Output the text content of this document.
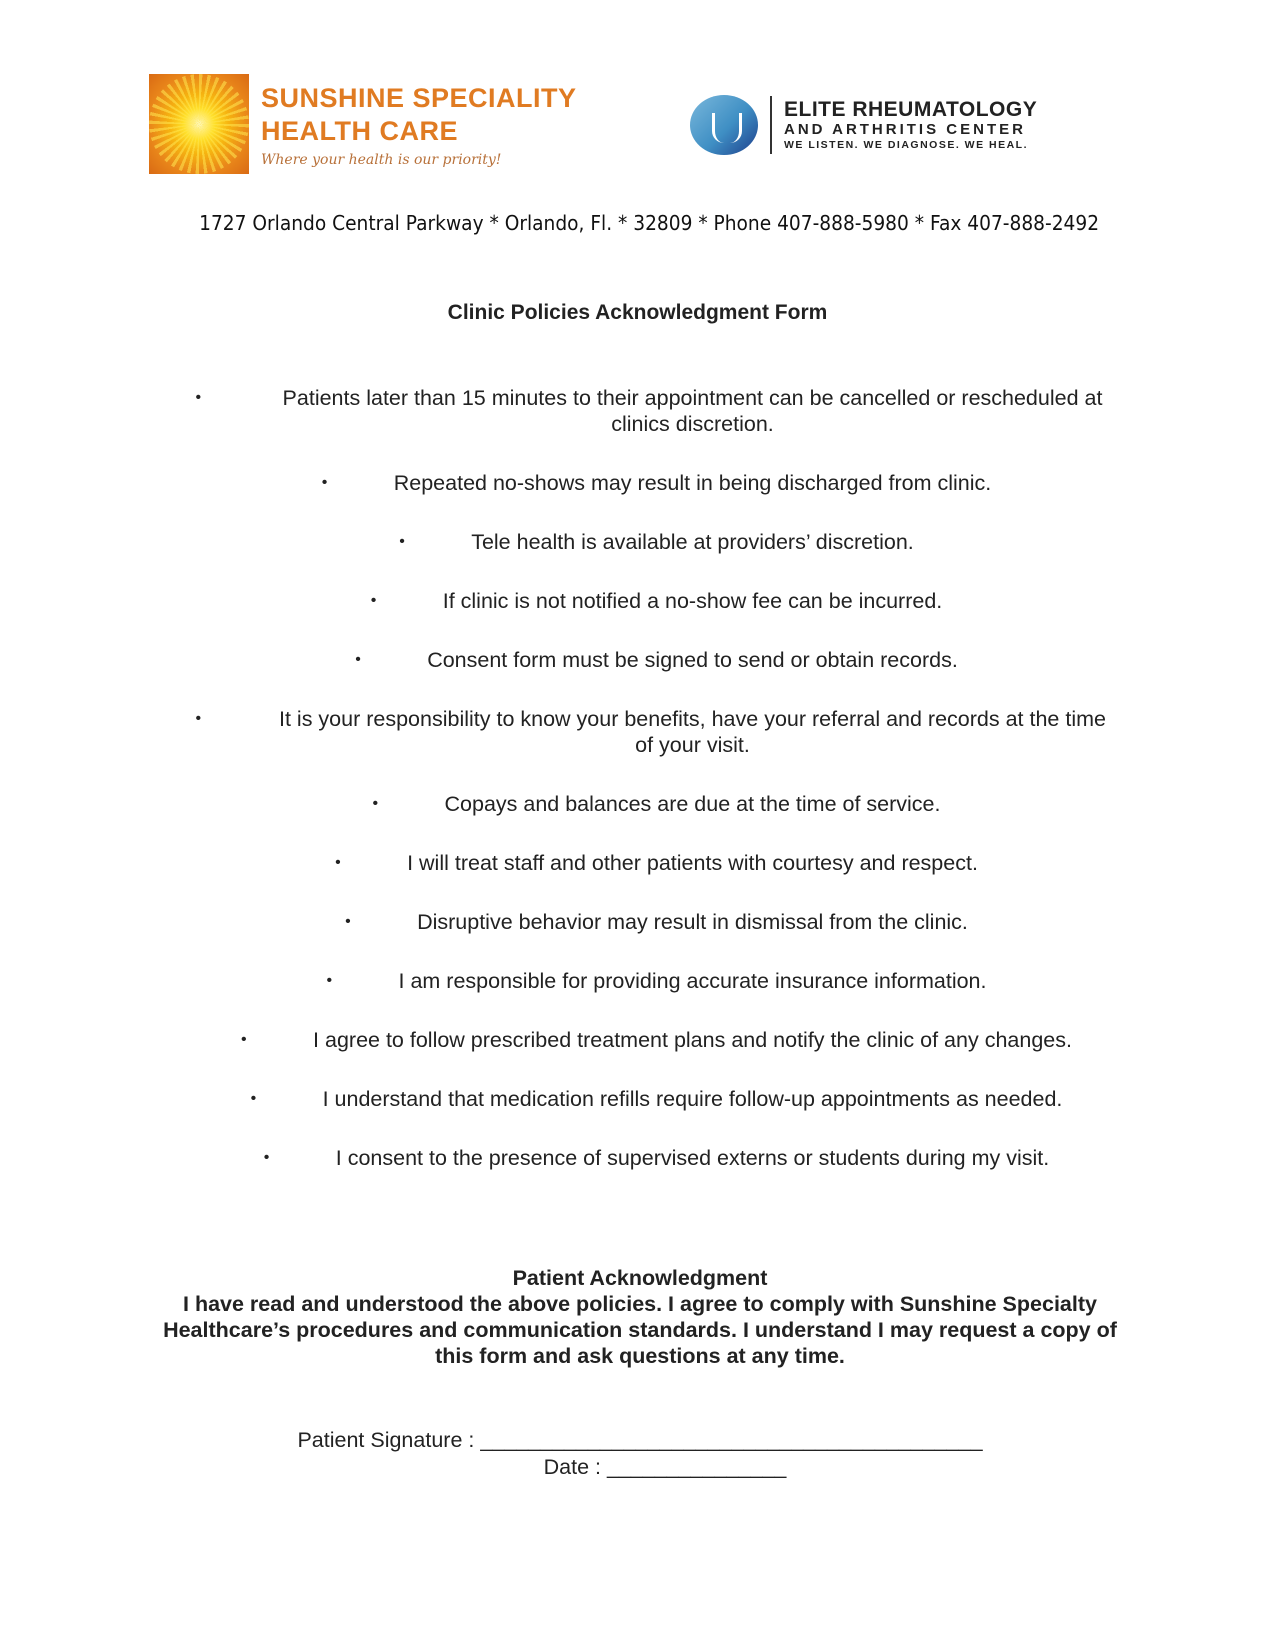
SUNSHINE SPECIALITY
HEALTH CARE
Where your health is our priority!
ELITE RHEUMATOLOGY
AND ARTHRITIS CENTER
WE LISTEN. WE DIAGNOSE. WE HEAL.
1727 Orlando Central Parkway * Orlando, Fl. * 32809 * Phone 407-888-5980 * Fax 407-888-2492
Clinic Policies Acknowledgment Form
•	Patients later than 15 minutes to their appointment can be cancelled or rescheduled at clinics discretion.
•	Repeated no-shows may result in being discharged from clinic.
•	Tele health is available at providers’ discretion.
•	If clinic is not notified a no-show fee can be incurred.
•	Consent form must be signed to send or obtain records.
•	It is your responsibility to know your benefits, have your referral and records at the time of your visit.
•	Copays and balances are due at the time of service.
•	I will treat staff and other patients with courtesy and respect.
•	Disruptive behavior may result in dismissal from the clinic.
•	I am responsible for providing accurate insurance information.
•	I agree to follow prescribed treatment plans and notify the clinic of any changes.
•	I understand that medication refills require follow-up appointments as needed.
•	I consent to the presence of supervised externs or students during my visit.
Patient Acknowledgment
I have read and understood the above policies. I agree to comply with Sunshine Specialty Healthcare’s procedures and communication standards. I understand I may request a copy of this form and ask questions at any time.
Patient Signature : __________________________________________
Date : _______________
